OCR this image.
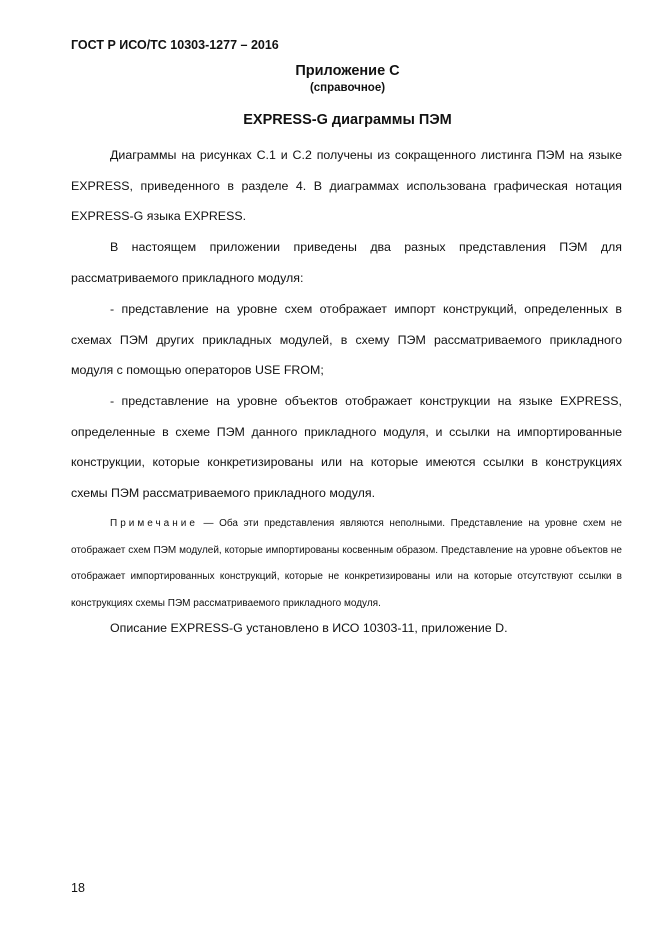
ГОСТ Р ИСО/ТС 10303-1277 – 2016
Приложение С
(справочное)
EXPRESS-G диаграммы ПЭМ

Диаграммы на рисунках С.1 и С.2 получены из сокращенного листинга ПЭМ на языке EXPRESS, приведенного в разделе 4. В диаграммах использована графическая нотация EXPRESS-G языка EXPRESS.

В настоящем приложении приведены два разных представления ПЭМ для рассматриваемого прикладного модуля:

- представление на уровне схем отображает импорт конструкций, определенных в схемах ПЭМ других прикладных модулей, в схему ПЭМ рассматриваемого прикладного модуля с помощью операторов USE FROM;

- представление на уровне объектов отображает конструкции на языке EXPRESS, определенные в схеме ПЭМ данного прикладного модуля, и ссылки на импортированные конструкции, которые конкретизированы или на которые имеются ссылки в конструкциях схемы ПЭМ рассматриваемого прикладного модуля.

Примечание — Оба эти представления являются неполными. Представление на уровне схем не отображает схем ПЭМ модулей, которые импортированы косвенным образом. Представление на уровне объектов не отображает импортированных конструкций, которые не конкретизированы или на которые отсутствуют ссылки в конструкциях схемы ПЭМ рассматриваемого прикладного модуля.

Описание EXPRESS-G установлено в ИСО 10303-11, приложение D.

18
